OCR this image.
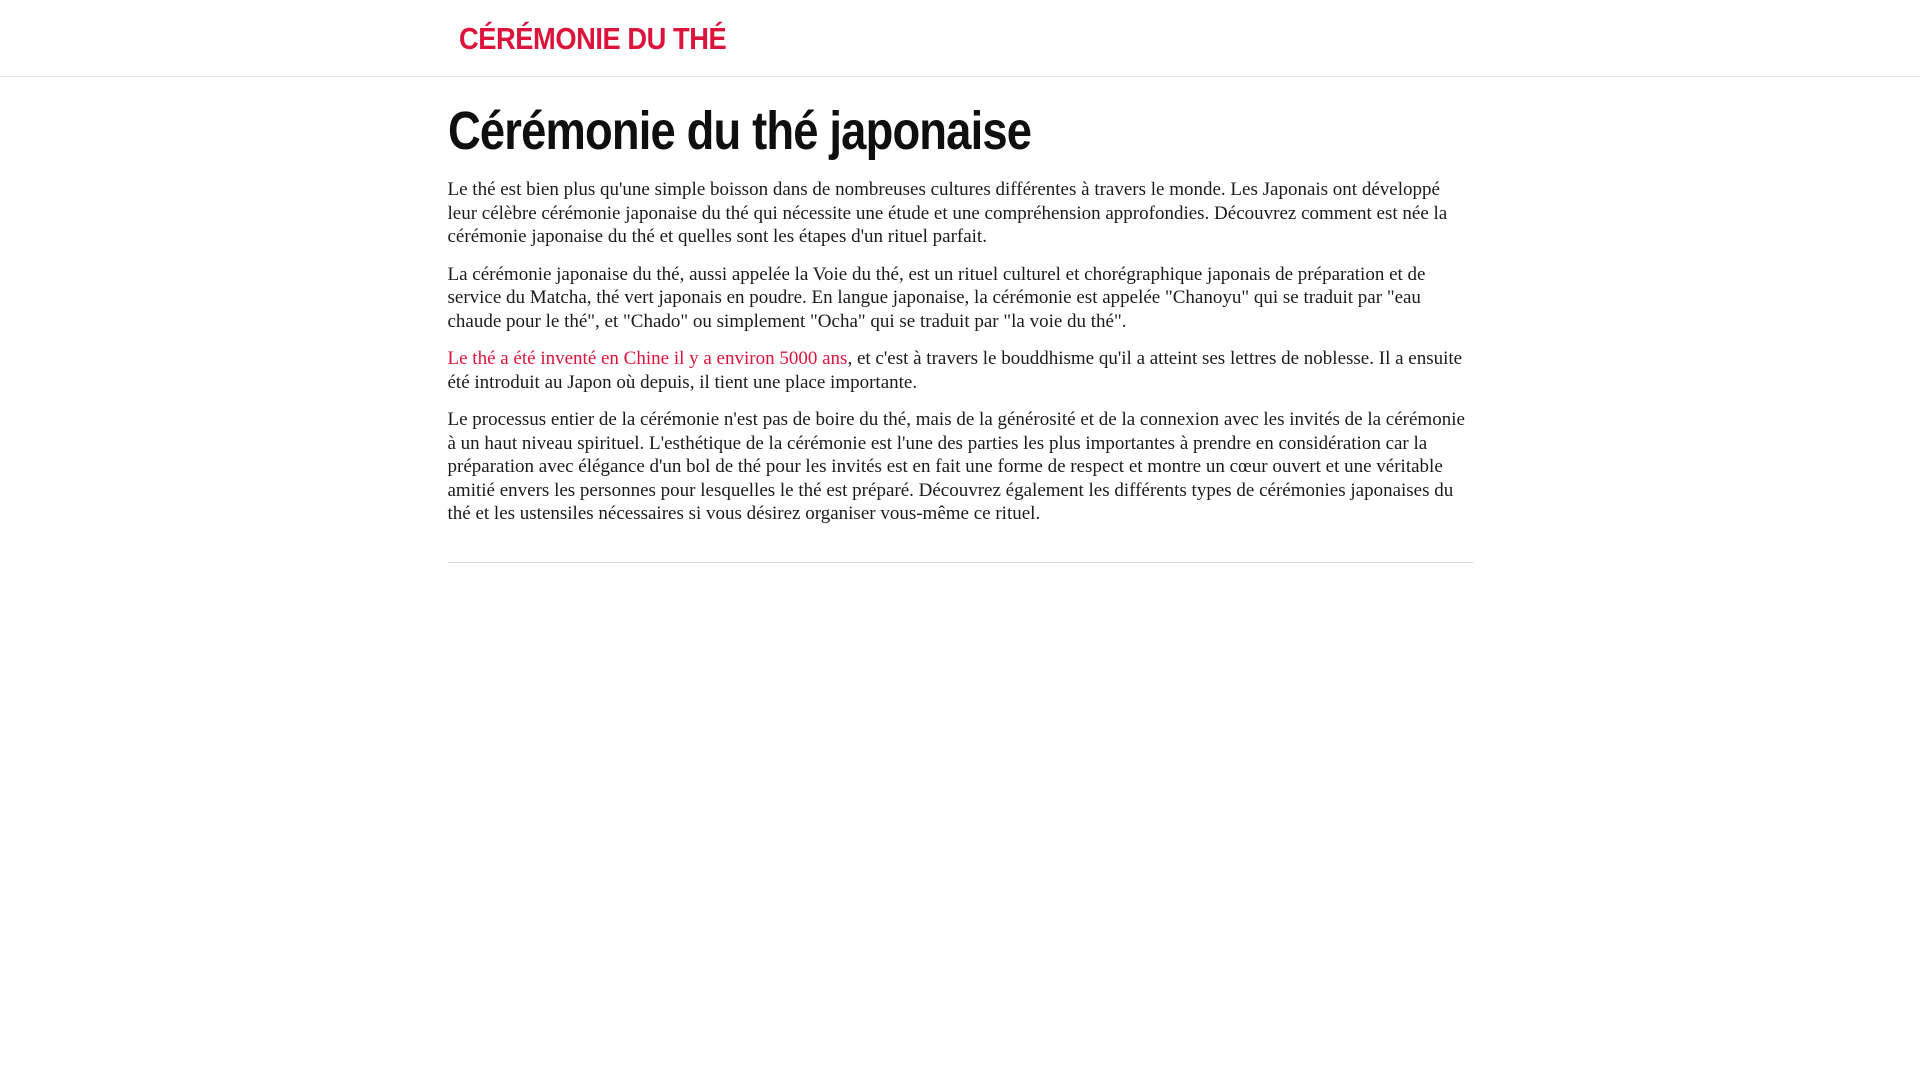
CÉRÉMONIE DU THÉ
Cérémonie du thé japonaise

Le thé est bien plus qu'une simple boisson dans de nombreuses cultures différentes à travers le monde. Les Japonais ont développé leur célèbre cérémonie japonaise du thé qui nécessite une étude et une compréhension approfondies. Découvrez comment est née la cérémonie japonaise du thé et quelles sont les étapes d'un rituel parfait.

La cérémonie japonaise du thé, aussi appelée la Voie du thé, est un rituel culturel et chorégraphique japonais de préparation et de service du Matcha, thé vert japonais en poudre. En langue japonaise, la cérémonie est appelée "Chanoyu" qui se traduit par "eau chaude pour le thé", et "Chado" ou simplement "Ocha" qui se traduit par "la voie du thé".

Le thé a été inventé en Chine il y a environ 5000 ans, et c'est à travers le bouddhisme qu'il a atteint ses lettres de noblesse. Il a ensuite été introduit au Japon où depuis, il tient une place importante.

Le processus entier de la cérémonie n'est pas de boire du thé, mais de la générosité et de la connexion avec les invités de la cérémonie à un haut niveau spirituel. L'esthétique de la cérémonie est l'une des parties les plus importantes à prendre en considération car la préparation avec élégance d'un bol de thé pour les invités est en fait une forme de respect et montre un cœur ouvert et une véritable amitié envers les personnes pour lesquelles le thé est préparé. Découvrez également les différents types de cérémonies japonaises du thé et les ustensiles nécessaires si vous désirez organiser vous-même ce rituel.
